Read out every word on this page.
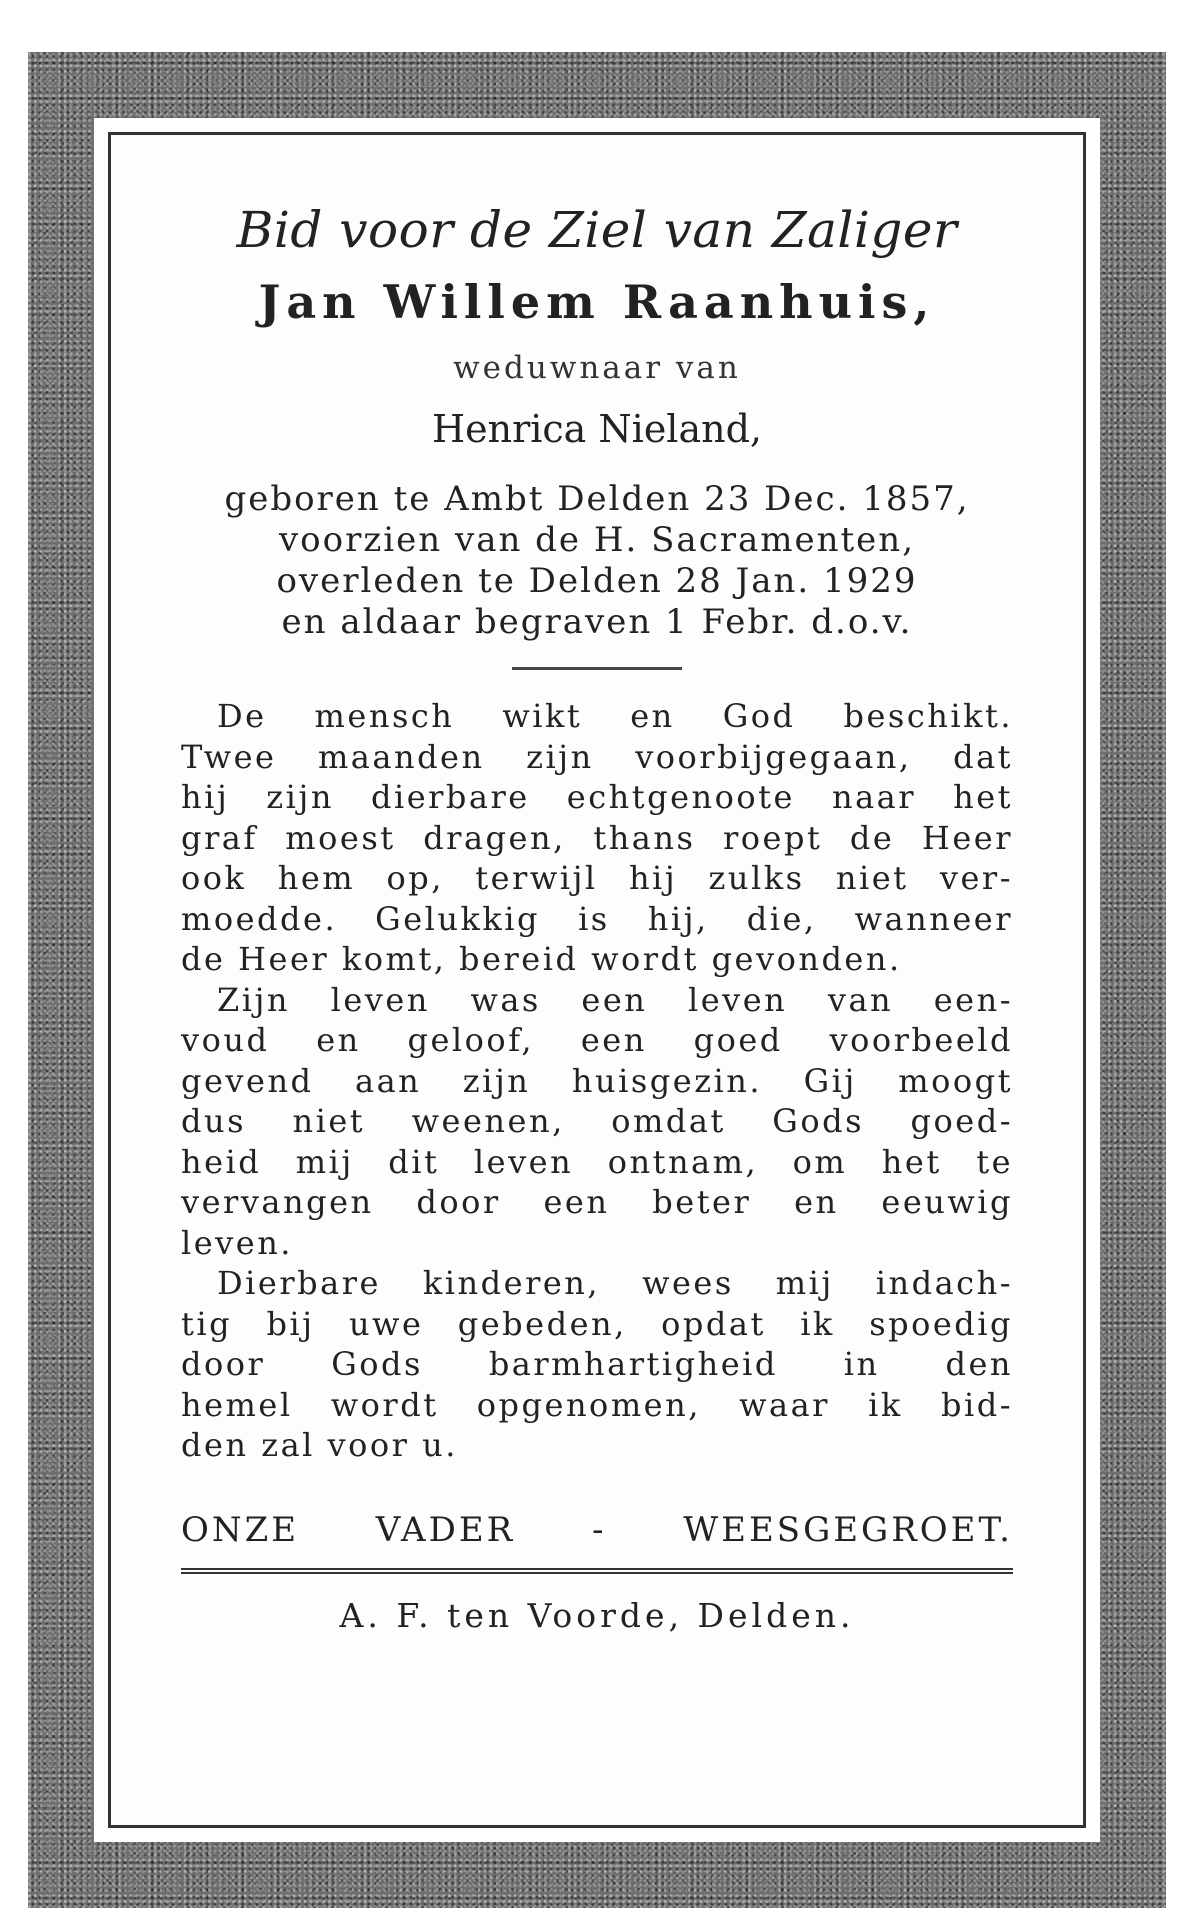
Bid voor de Ziel van Zaliger

Jan Willem Raanhuis,

weduwnaar van

Henrica Nieland,

geboren te Ambt Delden 23 Dec. 1857,

voorzien van de H. Sacramenten,

overleden te Delden 28 Jan. 1929

en aldaar begraven 1 Febr. d.o.v.

De mensch wikt en God beschikt.

Twee maanden zijn voorbijgegaan, dat

hij zijn dierbare echtgenoote naar het

graf moest dragen, thans roept de Heer

ook hem op, terwijl hij zulks niet ver-

moedde. Gelukkig is hij, die, wanneer

de Heer komt, bereid wordt gevonden.

Zijn leven was een leven van een-

voud en geloof, een goed voorbeeld

gevend aan zijn huisgezin. Gij moogt

dus niet weenen, omdat Gods goed-

heid mij dit leven ontnam, om het te

vervangen door een beter en eeuwig

leven.

Dierbare kinderen, wees mij indach-

tig bij uwe gebeden, opdat ik spoedig

door Gods barmhartigheid in den

hemel wordt opgenomen, waar ik bid-

den zal voor u.

ONZE VADER - WEESGEGROET.

A. F. ten Voorde, Delden.
